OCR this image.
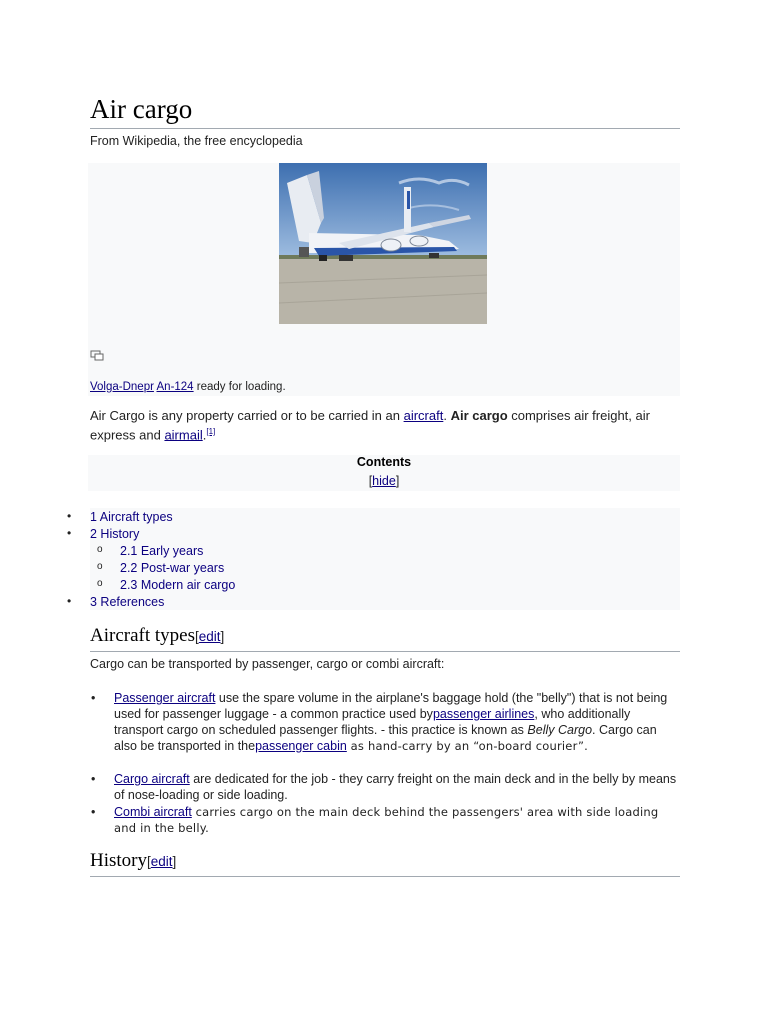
Air cargo
From Wikipedia, the free encyclopedia
Volga-Dnepr An-124 ready for loading.
Air Cargo is any property carried or to be carried in an aircraft. Air cargo comprises air freight, air express and airmail.[1]
Contents
[hide]
• 1 Aircraft types
• 2 History
o 2.1 Early years
o 2.2 Post-war years
o 2.3 Modern air cargo
• 3 References
Aircraft types[edit]
Cargo can be transported by passenger, cargo or combi aircraft:
• Passenger aircraft use the spare volume in the airplane's baggage hold (the "belly") that is not being used for passenger luggage - a common practice used bypassenger airlines, who additionally transport cargo on scheduled passenger flights. - this practice is known as Belly Cargo. Cargo can also be transported in thepassenger cabin as hand-carry by an “on-board courier”.
• Cargo aircraft are dedicated for the job - they carry freight on the main deck and in the belly by means of nose-loading or side loading.
• Combi aircraft carries cargo on the main deck behind the passengers' area with side loading and in the belly.
History[edit]
